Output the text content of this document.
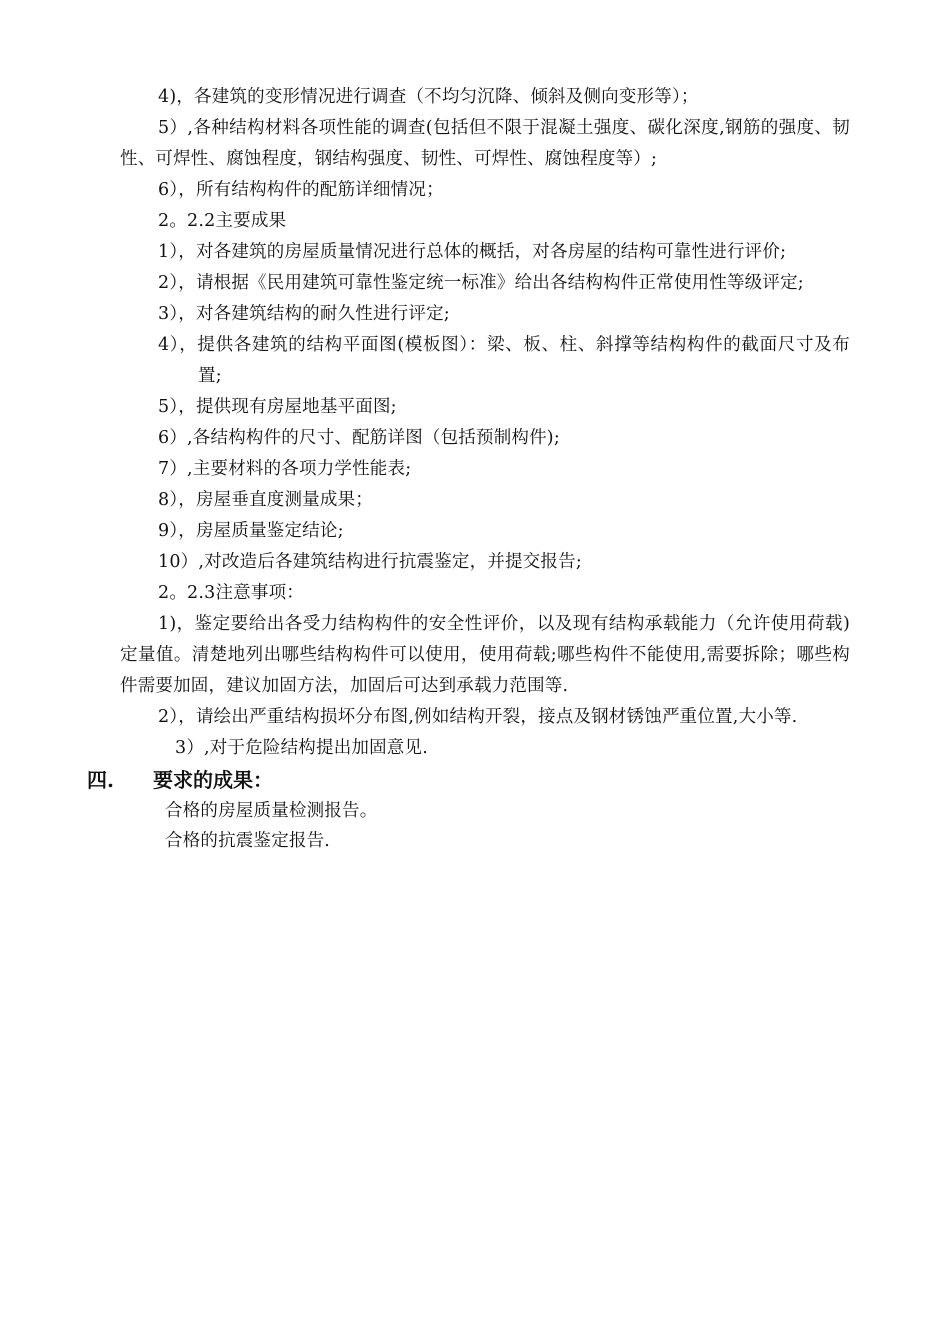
4)，各建筑的变形情况进行调查（不均匀沉降、倾斜及侧向变形等）；

5）,各种结构材料各项性能的调查(包括但不限于混凝土强度、碳化深度,钢筋的强度、韧性、可焊性、腐蚀程度，钢结构强度、韧性、可焊性、腐蚀程度等）;

6），所有结构构件的配筋详细情况；

2。2.2主要成果

1），对各建筑的房屋质量情况进行总体的概括，对各房屋的结构可靠性进行评价;

2），请根据《民用建筑可靠性鉴定统一标准》给出各结构构件正常使用性等级评定;

3），对各建筑结构的耐久性进行评定;

4），提供各建筑的结构平面图(模板图）：梁、板、柱、斜撑等结构构件的截面尺寸及布置;

5），提供现有房屋地基平面图;

6）,各结构构件的尺寸、配筋详图（包括预制构件);

7）,主要材料的各项力学性能表;

8），房屋垂直度测量成果；

9），房屋质量鉴定结论;

10）,对改造后各建筑结构进行抗震鉴定，并提交报告;

2。2.3注意事项：

1)，鉴定要给出各受力结构构件的安全性评价，以及现有结构承载能力（允许使用荷载)定量值。清楚地列出哪些结构构件可以使用，使用荷载;哪些构件不能使用,需要拆除；哪些构件需要加固，建议加固方法，加固后可达到承载力范围等.

2），请绘出严重结构损坏分布图,例如结构开裂，接点及钢材锈蚀严重位置,大小等.

3）,对于危险结构提出加固意见.

四.	要求的成果：

合格的房屋质量检测报告。

合格的抗震鉴定报告.
